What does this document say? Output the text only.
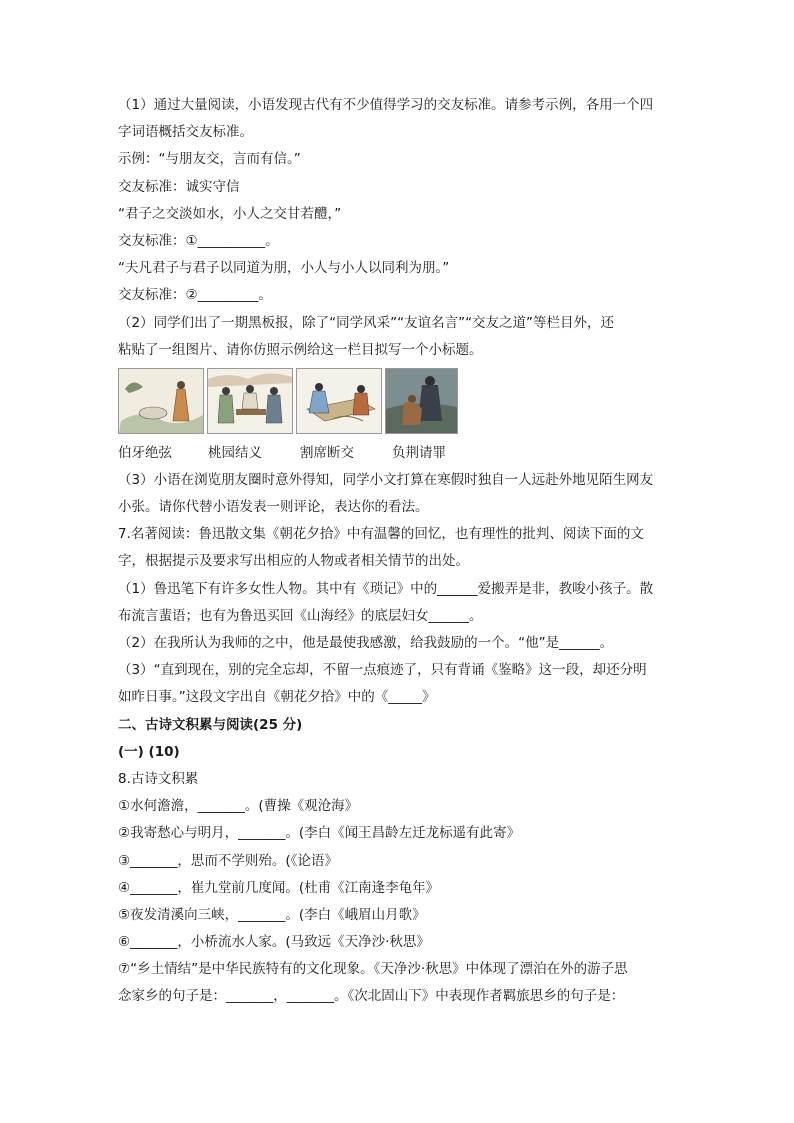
（1）通过大量阅读，小语发现古代有不少值得学习的交友标准。请参考示例，各用一个四
字词语概括交友标准。
示例：“与朋友交，言而有信。”
交友标准：诚实守信
“君子之交淡如水，小人之交甘若醴，”
交友标准：①__________。
“夫凡君子与君子以同道为朋，小人与小人以同利为朋。”
交友标准：②_________。
（2）同学们出了一期黑板报，除了“同学风采”“友谊名言”“交友之道”等栏目外，还
粘贴了一组图片、请你仿照示例给这一栏目拟写一个小标题。
伯牙绝弦	桃园结义	割席断交	负荆请罪
（3）小语在浏览朋友圈时意外得知，同学小文打算在寒假时独自一人远赴外地见陌生网友
小张。请你代替小语发表一则评论，表达你的看法。
7.名著阅读：鲁迅散文集《朝花夕拾》中有温馨的回忆，也有理性的批判、阅读下面的文
字，根据提示及要求写出相应的人物或者相关情节的出处。
（1）鲁迅笔下有许多女性人物。其中有《琐记》中的______爱搬弄是非，教唆小孩子。散
布流言蜚语；也有为鲁迅买回《山海经》的底层妇女______。
（2）在我所认为我师的之中，他是最使我感激，给我鼓励的一个。“他”是______。
（3）“直到现在，别的完全忘却，不留一点痕迹了，只有背诵《鉴略》这一段，却还分明
如昨日事。”这段文字出自《朝花夕拾》中的《_____》
二、古诗文积累与阅读(25 分)
(一) (10)
8.古诗文积累
①水何澹澹，_______。(曹操《观沧海》
②我寄愁心与明月，_______。(李白《闻王昌龄左迁龙标遥有此寄》
③_______，思而不学则殆。(《论语》
④_______，崔九堂前几度闻。(杜甫《江南逢李龟年》
⑤夜发清溪向三峡，_______。(李白《峨眉山月歌》
⑥_______，小桥流水人家。(马致远《天净沙·秋思》
⑦“乡土情结”是中华民族特有的文化现象。《天净沙·秋思》中体现了漂泊在外的游子思
念家乡的句子是：_______，_______。《次北固山下》中表现作者羁旅思乡的句子是：
